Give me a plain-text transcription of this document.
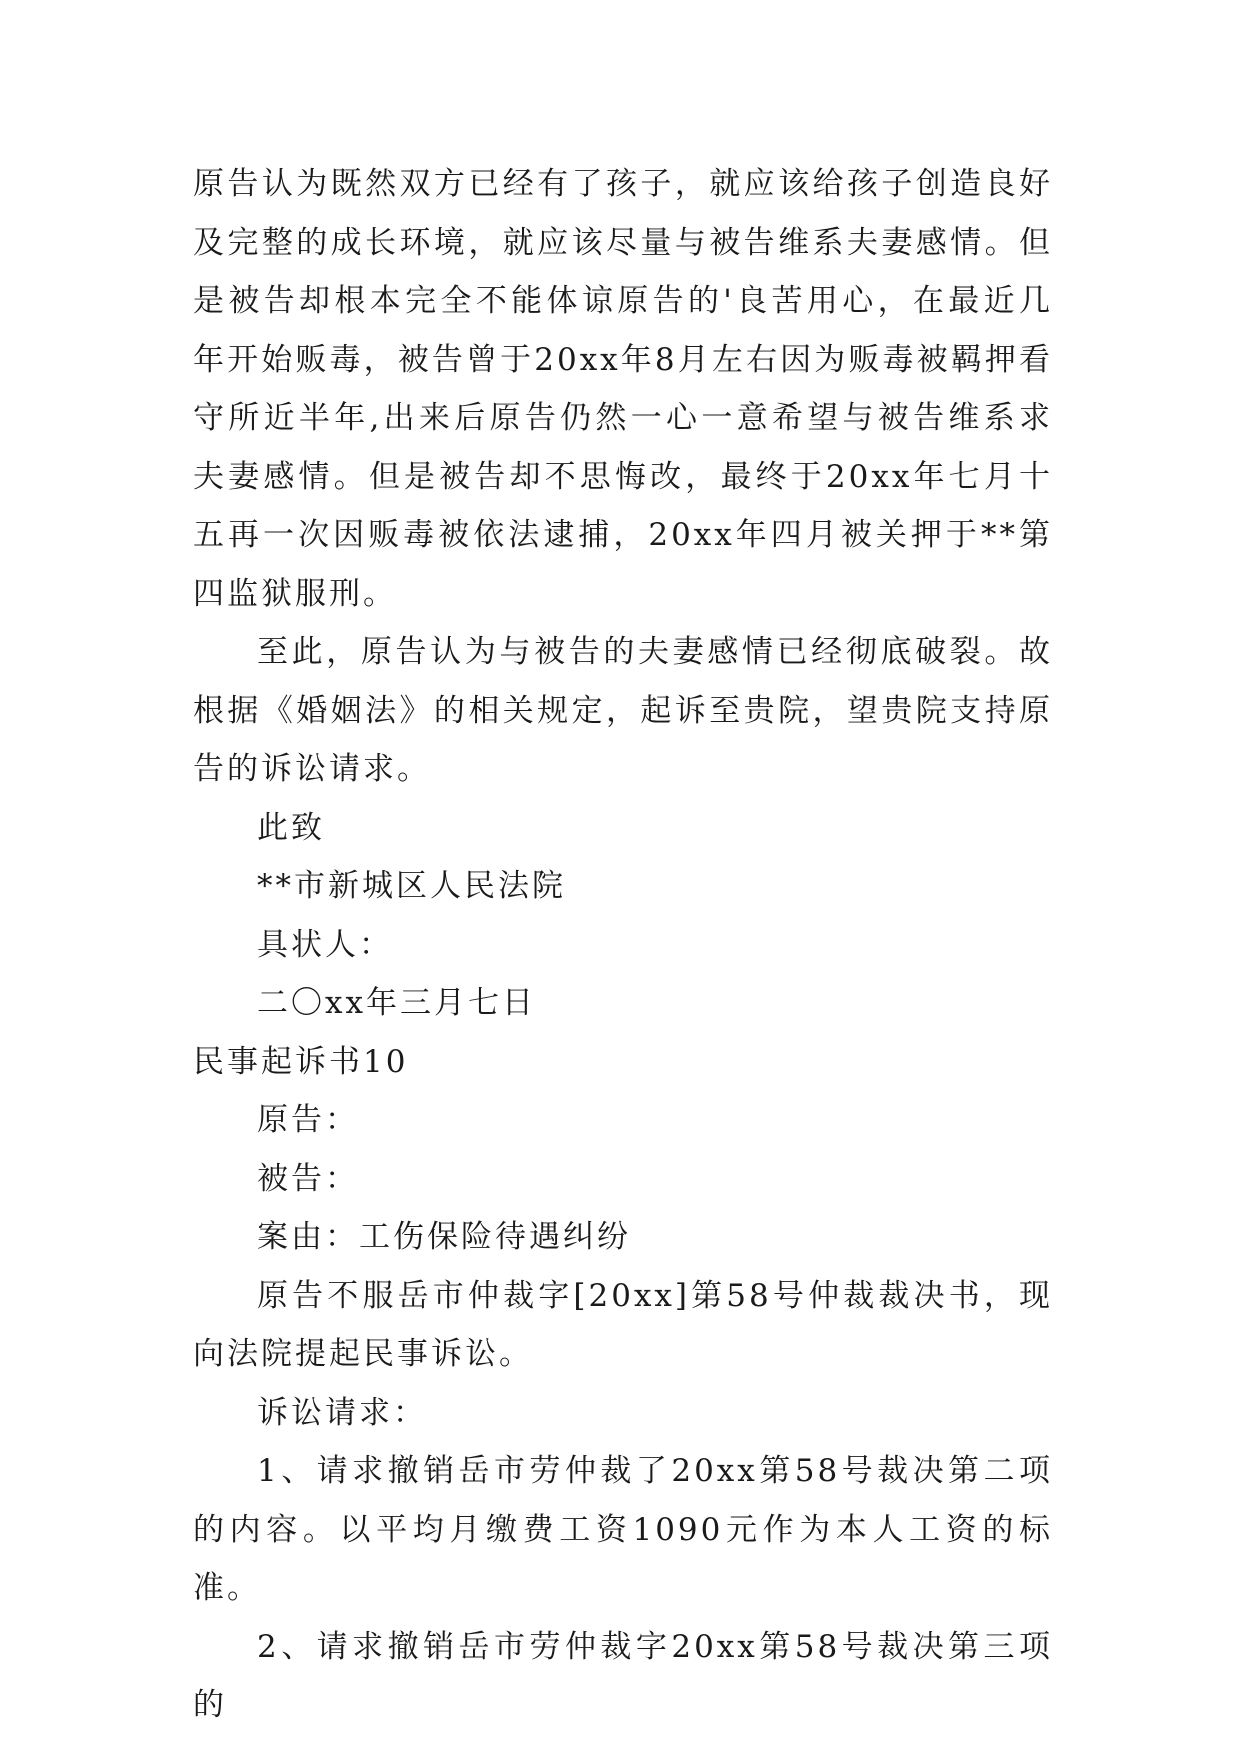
原告认为既然双方已经有了孩子，就应该给孩子创造良好及完整的成长环境，就应该尽量与被告维系夫妻感情。但是被告却根本完全不能体谅原告的'良苦用心，在最近几年开始贩毒，被告曾于20xx年8月左右因为贩毒被羁押看守所近半年,出来后原告仍然一心一意希望与被告维系求夫妻感情。但是被告却不思悔改，最终于20xx年七月十五再一次因贩毒被依法逮捕，20xx年四月被关押于**第四监狱服刑。

至此，原告认为与被告的夫妻感情已经彻底破裂。故根据《婚姻法》的相关规定，起诉至贵院，望贵院支持原告的诉讼请求。

此致

**市新城区人民法院

具状人：

二〇xx年三月七日

民事起诉书10

原告：

被告：

案由：工伤保险待遇纠纷

原告不服岳市仲裁字[20xx]第58号仲裁裁决书，现向法院提起民事诉讼。

诉讼请求：

1、请求撤销岳市劳仲裁了20xx第58号裁决第二项的内容。以平均月缴费工资1090元作为本人工资的标准。

2、请求撤销岳市劳仲裁字20xx第58号裁决第三项的
